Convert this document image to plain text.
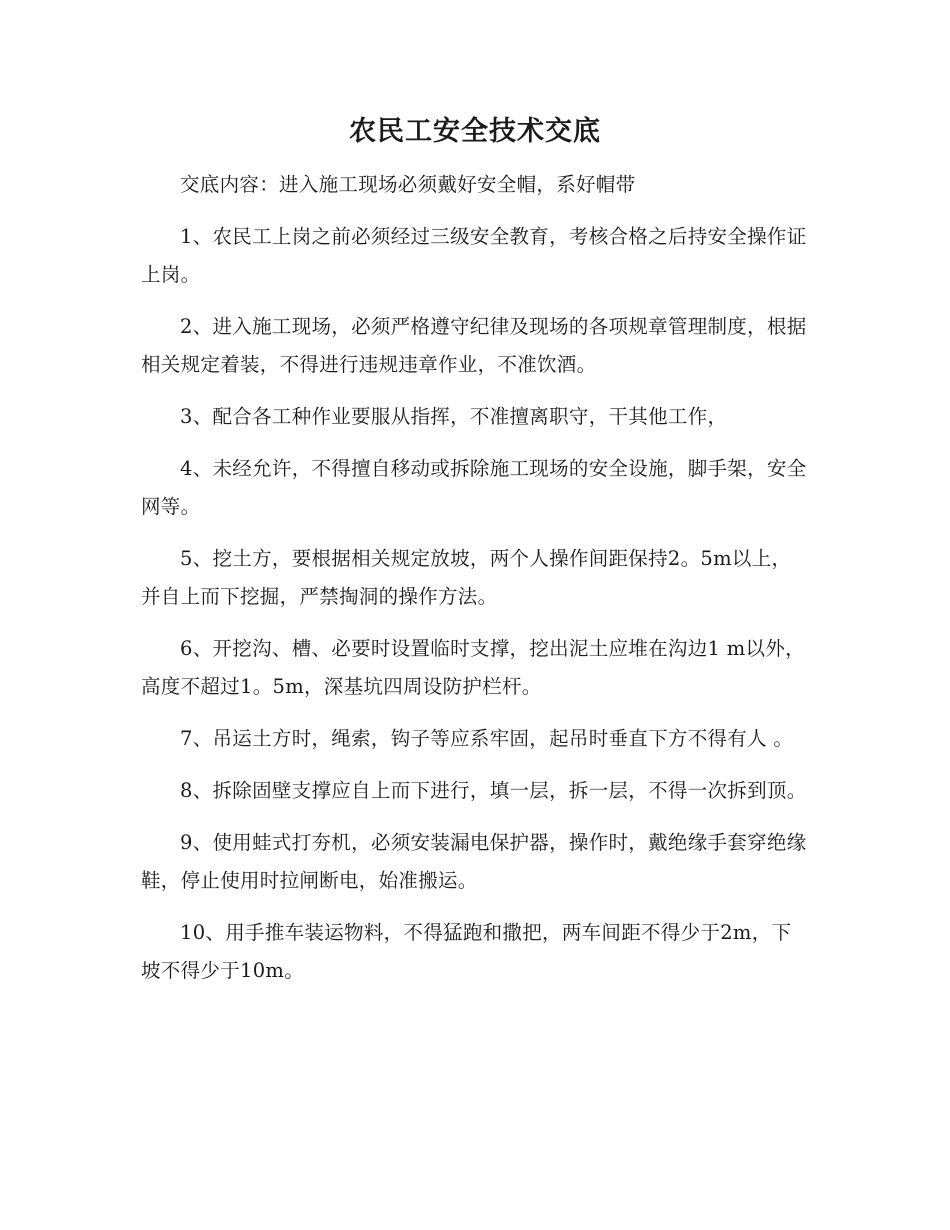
农民工安全技术交底

交底内容：进入施工现场必须戴好安全帽，系好帽带

1、农民工上岗之前必须经过三级安全教育，考核合格之后持安全操作证上岗。

2、进入施工现场，必须严格遵守纪律及现场的各项规章管理制度，根据相关规定着装，不得进行违规违章作业，不准饮酒。

3、配合各工种作业要服从指挥，不准擅离职守，干其他工作，

4、未经允许，不得擅自移动或拆除施工现场的安全设施，脚手架，安全网等。

5、挖土方，要根据相关规定放坡，两个人操作间距保持2。5m以上，并自上而下挖掘，严禁掏洞的操作方法。

6、开挖沟、槽、必要时设置临时支撑，挖出泥土应堆在沟边1 m以外，高度不超过1。5m，深基坑四周设防护栏杆。

7、吊运土方时，绳索，钩子等应系牢固，起吊时垂直下方不得有人 。

8、拆除固壁支撑应自上而下进行，填一层，拆一层，不得一次拆到顶。

9、使用蛙式打夯机，必须安装漏电保护器，操作时，戴绝缘手套穿绝缘鞋，停止使用时拉闸断电，始准搬运。

10、用手推车装运物料，不得猛跑和撒把，两车间距不得少于2m，下坡不得少于10m。
